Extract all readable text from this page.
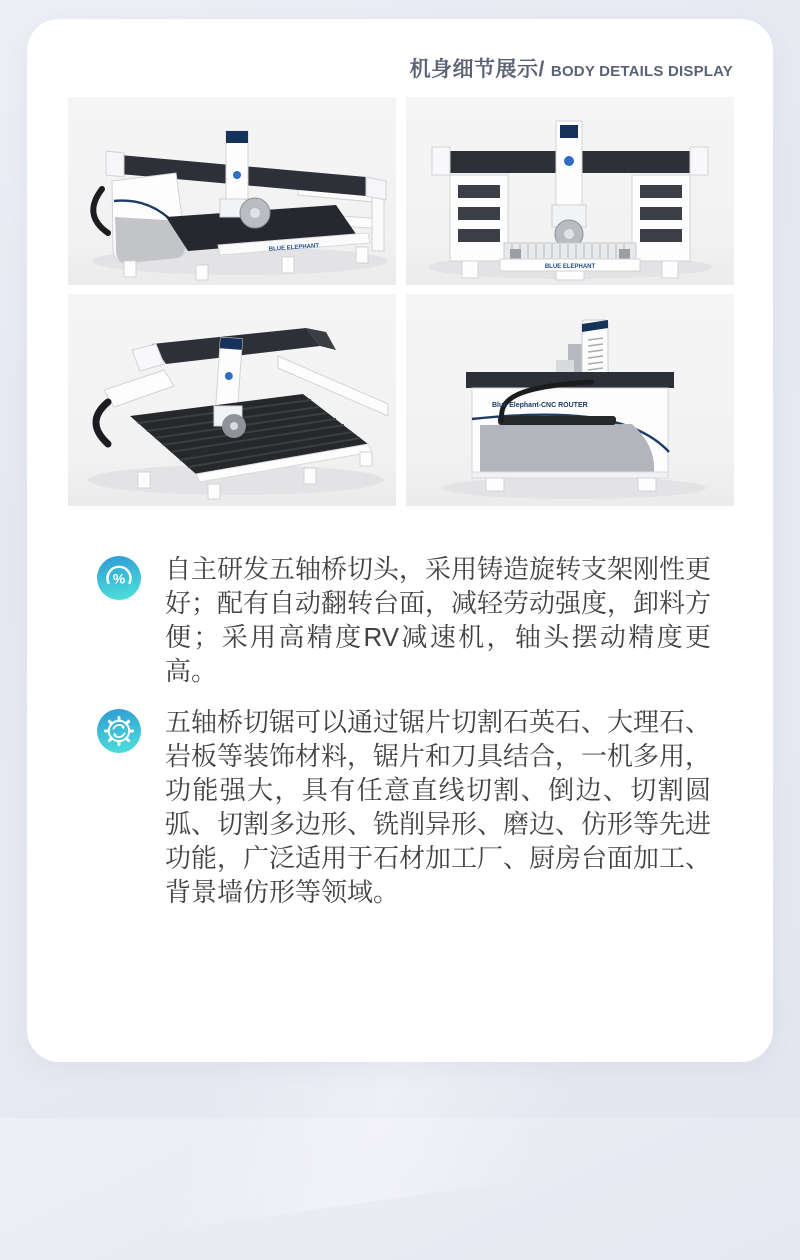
机身细节展示/ BODY DETAILS DISPLAY
BLUE ELEPHANT
BLUE ELEPHANT
Blue Elephant-CNC ROUTER
% 自主研发五轴桥切头，采用铸造旋转支架刚性更好；配有自动翻转台面，减轻劳动强度，卸料方便；采用高精度RV减速机，轴头摆动精度更高。

五轴桥切锯可以通过锯片切割石英石、大理石、岩板等装饰材料，锯片和刀具结合，一机多用，功能强大，具有任意直线切割、倒边、切割圆弧、切割多边形、铣削异形、磨边、仿形等先进功能，广泛适用于石材加工厂、厨房台面加工、背景墙仿形等领域。
